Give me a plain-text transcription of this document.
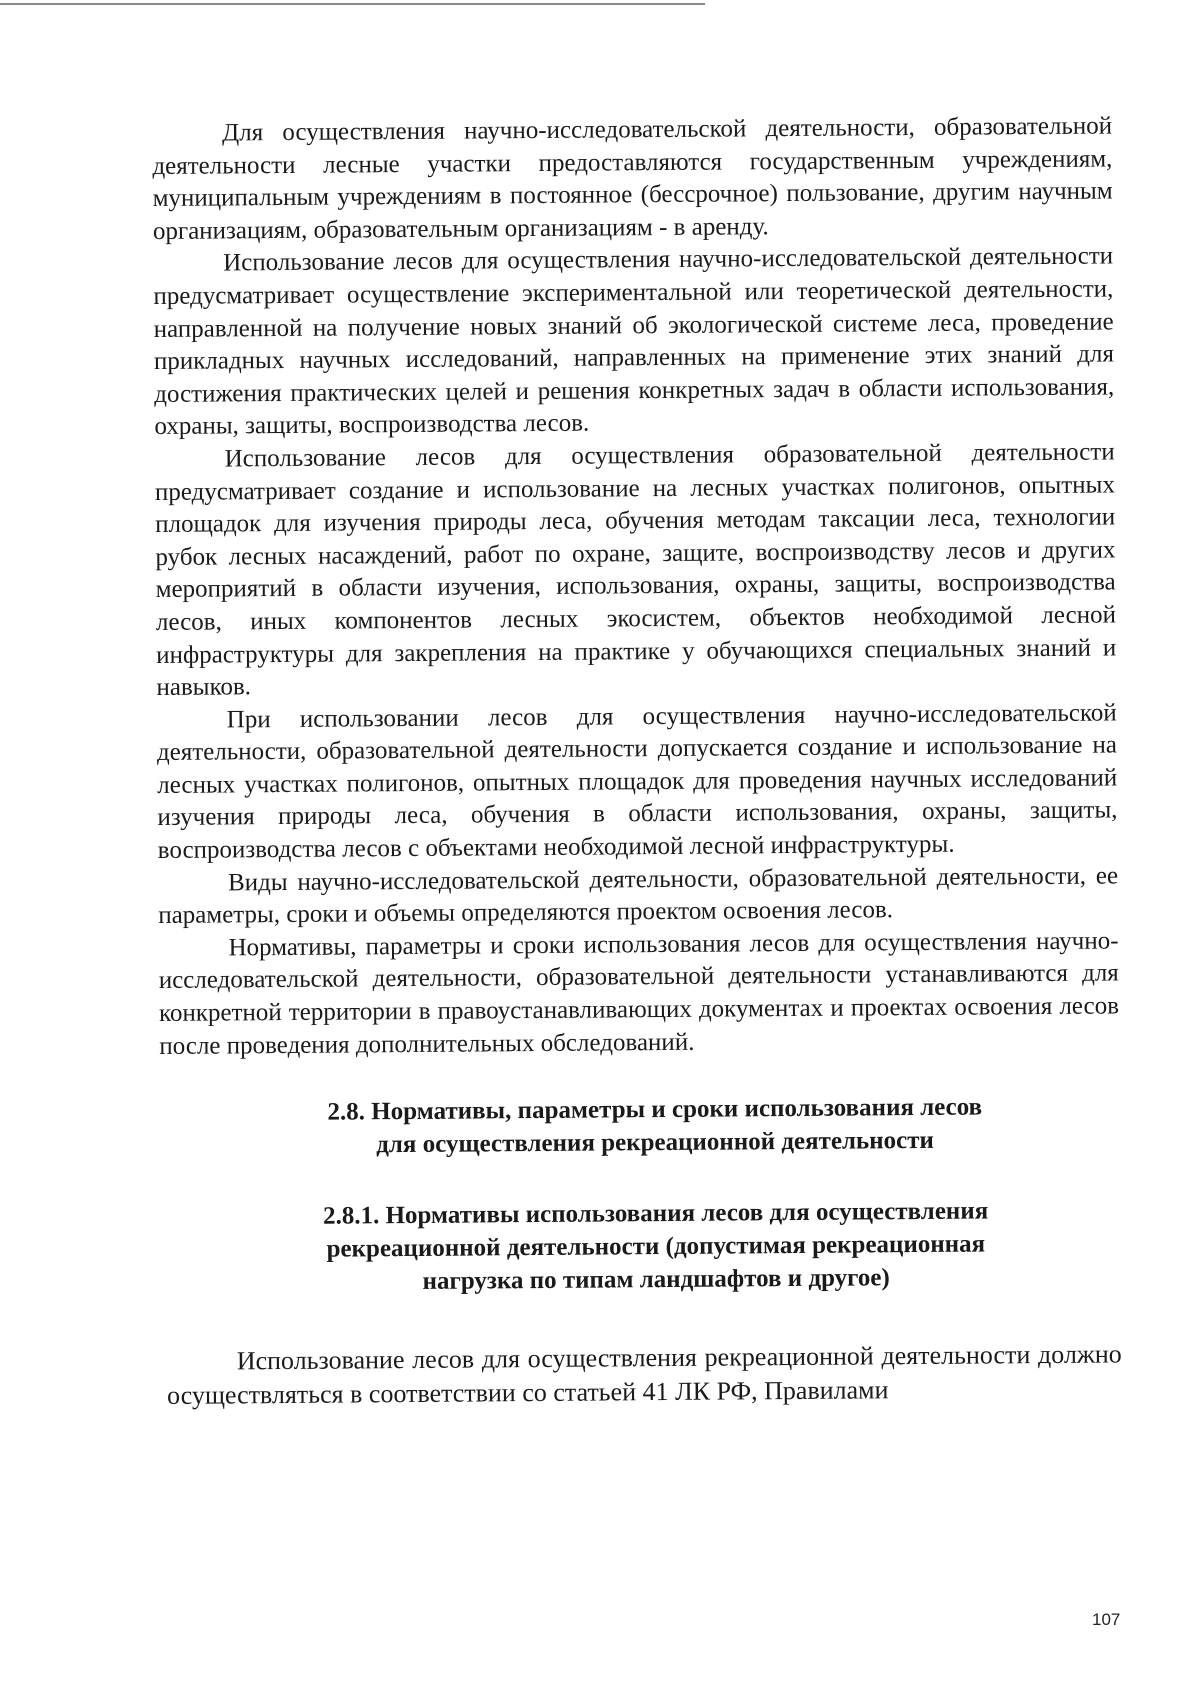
Для осуществления научно-исследовательской деятельности, образовательной деятельности лесные участки предоставляются государственным учреждениям, муниципальным учреждениям в постоянное (бессрочное) пользование, другим научным организациям, образовательным организациям - в аренду.

Использование лесов для осуществления научно-исследовательской деятельности предусматривает осуществление экспериментальной или теоретической деятельности, направленной на получение новых знаний об экологической системе леса, проведение прикладных научных исследований, направленных на применение этих знаний для достижения практических целей и решения конкретных задач в области использования, охраны, защиты, воспроизводства лесов.

Использование лесов для осуществления образовательной деятельности предусматривает создание и использование на лесных участках полигонов, опытных площадок для изучения природы леса, обучения методам таксации леса, технологии рубок лесных насаждений, работ по охране, защите, воспроизводству лесов и других мероприятий в области изучения, использования, охраны, защиты, воспроизводства лесов, иных компонентов лесных экосистем, объектов необходимой лесной инфраструктуры для закрепления на практике у обучающихся специальных знаний и навыков.

При использовании лесов для осуществления научно-исследовательской деятельности, образовательной деятельности допускается создание и использование на лесных участках полигонов, опытных площадок для проведения научных исследований изучения природы леса, обучения в области использования, охраны, защиты, воспроизводства лесов с объектами необходимой лесной инфраструктуры.

Виды научно-исследовательской деятельности, образовательной деятельности, ее параметры, сроки и объемы определяются проектом освоения лесов.

Нормативы, параметры и сроки использования лесов для осуществления научно-исследовательской деятельности, образовательной деятельности устанавливаются для конкретной территории в правоустанавливающих документах и проектах освоения лесов после проведения дополнительных обследований.

2.8. Нормативы, параметры и сроки использования лесов
для осуществления рекреационной деятельности
2.8.1. Нормативы использования лесов для осуществления
рекреационной деятельности (допустимая рекреационная
нагрузка по типам ландшафтов и другое)

Использование лесов для осуществления рекреационной деятельности должно осуществляться в соответствии со статьей 41 ЛК РФ, Правилами

107
